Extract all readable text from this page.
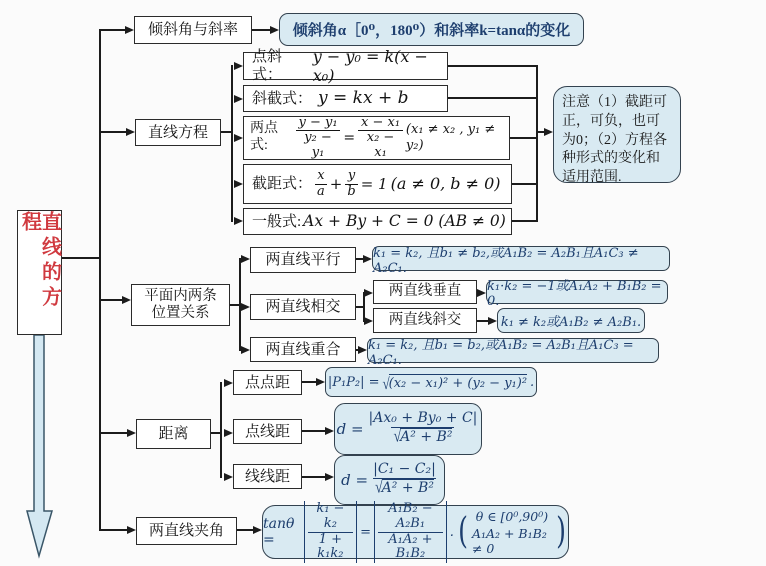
直线的方程
倾斜角与斜率	倾斜角α［0⁰，180⁰）和斜率k=tanα的变化
直线方程
点斜式：
y − y₀ = k(x − x₀)
斜截式： y = kx + b
两点式:	$\frac{\text{y − y₁}}{\text{y₂ − y₁}} = \frac{\text{x − x₁}}{\text{x₂ − x₁}} (x_1 \ne x_2$ , y₁ ≠ y₂)
截距式： $\frac{x}{a} + \frac{y}{b} = 1$ (a ≠ 0, b ≠ 0)
一般式: Ax + By + C = 0 (AB ≠ 0)
注意（1）截距可正，可负，也可为0；（2）方程各种形式的变化和适用范围.
平面内两条
位置关系
两直线平行	k₁ = k₂, 且b₁ ≠ b₂,或A₁B₂ = A₂B₁且A₁C₃ ≠ A₂C₁.
两直线相交
两直线垂直 k₁·k₂ = −1或A₁A₂ + B₁B₂ = 0.
两直线斜交	k₁ ≠ k₂或A₁B₂ ≠ A₂B₁.
两直线重合 k₁ = k₂, 且b₁ = b₂,或A₁B₂ = A₂B₁且A₁C₃ = A₂C₁.
距离
点点距	|P₁P₂| = √ (x₂ − x₁)² + (y₂ − y₁)² .
点线距	d = |Ax₀ + By₀ + C|
√ A² + B²
线线距	d = |C₁ − C₂|
√ A² + B²
两直线夹角	tanθ =	$\frac{\text{k₁ − k₂}}{\text{1 + k₁k₂}} = \frac{\text{A₁B₂ − A₂B₁}}{\text{A₁A₂ + B₁B₂}}$ . ( θ ∈ [0⁰,90⁰)
A₁A₂ + B₁B₂ ≠ 0	)
